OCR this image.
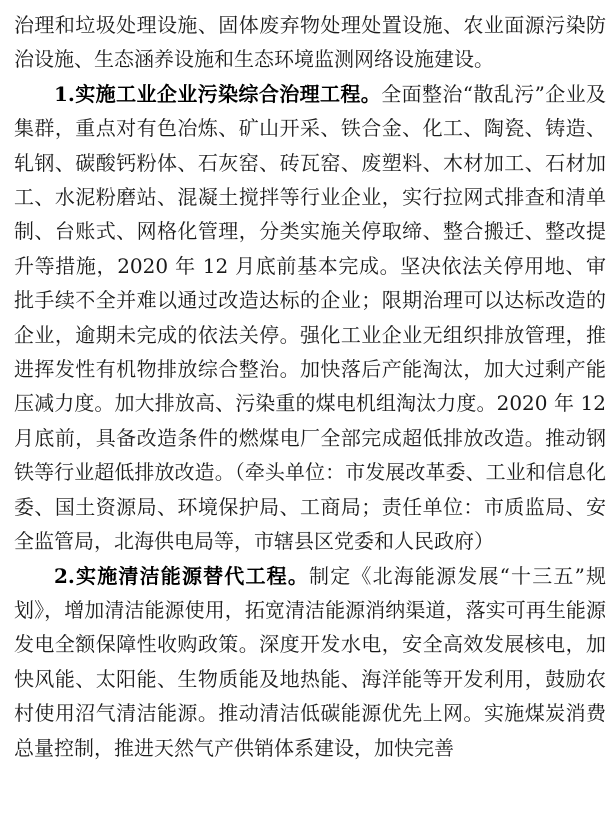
治理和垃圾处理设施、固体废弃物处理处置设施、农业面源污染防治设施、生态涵养设施和生态环境监测网络设施建设。

1.实施工业企业污染综合治理工程。全面整治“散乱污”企业及集群，重点对有色冶炼、矿山开采、铁合金、化工、陶瓷、铸造、轧钢、碳酸钙粉体、石灰窑、砖瓦窑、废塑料、木材加工、石材加工、水泥粉磨站、混凝土搅拌等行业企业，实行拉网式排查和清单制、台账式、网格化管理，分类实施关停取缔、整合搬迁、整改提升等措施，2020 年 12 月底前基本完成。坚决依法关停用地、审批手续不全并难以通过改造达标的企业；限期治理可以达标改造的企业，逾期未完成的依法关停。强化工业企业无组织排放管理，推进挥发性有机物排放综合整治。加快落后产能淘汰，加大过剩产能压减力度。加大排放高、污染重的煤电机组淘汰力度。2020 年 12 月底前，具备改造条件的燃煤电厂全部完成超低排放改造。推动钢铁等行业超低排放改造。（牵头单位：市发展改革委、工业和信息化委、国土资源局、环境保护局、工商局；责任单位：市质监局、安全监管局，北海供电局等，市辖县区党委和人民政府）

2.实施清洁能源替代工程。制定《北海能源发展“十三五”规划》，增加清洁能源使用，拓宽清洁能源消纳渠道，落实可再生能源发电全额保障性收购政策。深度开发水电，安全高效发展核电，加快风能、太阳能、生物质能及地热能、海洋能等开发利用，鼓励农村使用沼气清洁能源。推动清洁低碳能源优先上网。实施煤炭消费总量控制，推进天然气产供销体系建设，加快完善
